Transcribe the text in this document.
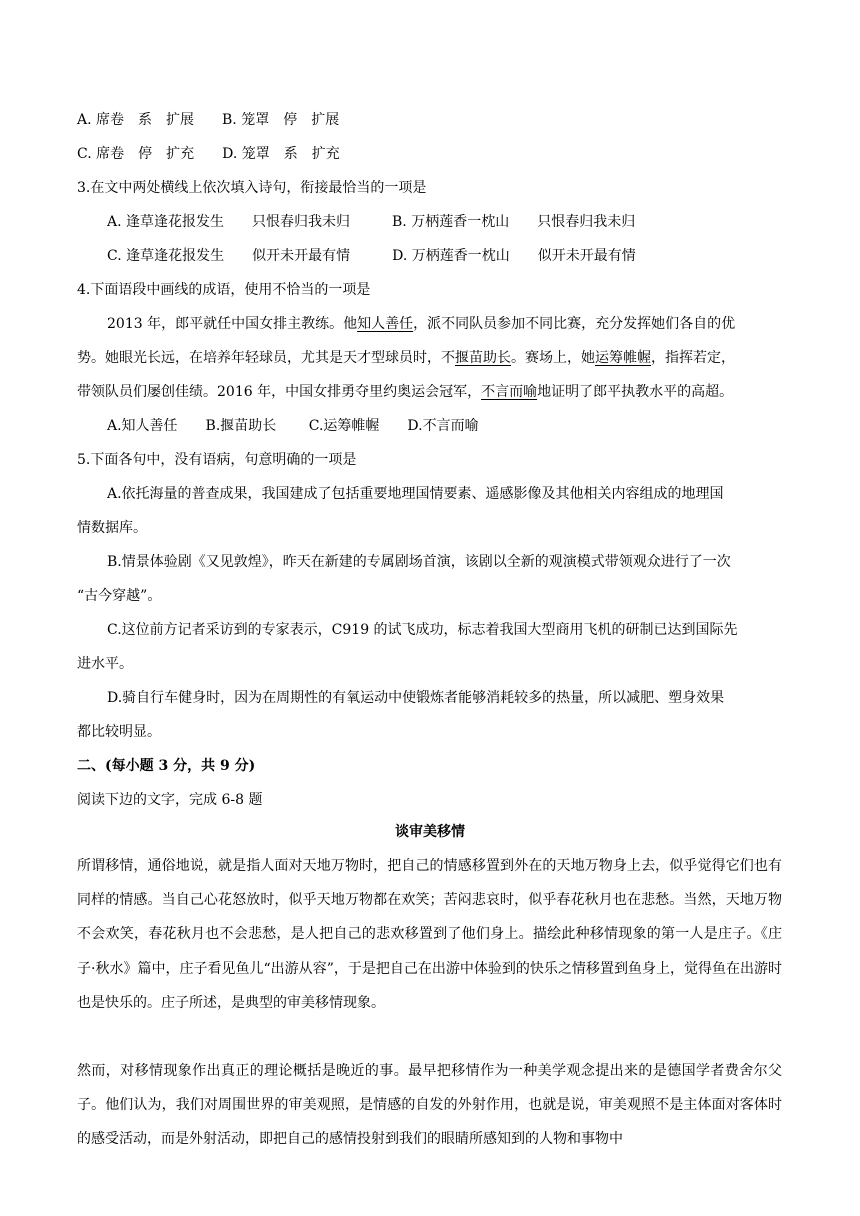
A. 席卷　系　扩展　　B. 笼罩　停　扩展
C. 席卷　停　扩充　　D. 笼罩　系　扩充
3.在文中两处横线上依次填入诗句，衔接最恰当的一项是
A. 逢草逢花报发生　　只恨春归我未归　　　B. 万柄莲香一枕山　　只恨春归我未归
C. 逢草逢花报发生　　似开未开最有情　　　D. 万柄莲香一枕山　　似开未开最有情
4.下面语段中画线的成语，使用不恰当的一项是
2013 年，郎平就任中国女排主教练。他知人善任，派不同队员参加不同比赛，充分发挥她们各自的优
势。她眼光长远，在培养年轻球员，尤其是天才型球员时，不揠苗助长。赛场上，她运筹帷幄，指挥若定，
带领队员们屡创佳绩。2016 年，中国女排勇夺里约奥运会冠军，不言而喻地证明了郎平执教水平的高超。
A.知人善任　　B.揠苗助长　　 C.运筹帷幄　　D.不言而喻
5.下面各句中，没有语病，句意明确的一项是
A.依托海量的普查成果，我国建成了包括重要地理国情要素、遥感影像及其他相关内容组成的地理国
情数据库。
B.情景体验剧《又见敦煌》，昨天在新建的专属剧场首演，该剧以全新的观演模式带领观众进行了一次
“古今穿越”。
C.这位前方记者采访到的专家表示，C919 的试飞成功，标志着我国大型商用飞机的研制已达到国际先
进水平。
D.骑自行车健身时，因为在周期性的有氧运动中使锻炼者能够消耗较多的热量，所以减肥、塑身效果
都比较明显。
二、(每小题 3 分，共 9 分)
阅读下边的文字，完成 6-8 题
谈审美移情
所谓移情，通俗地说，就是指人面对天地万物时，把自己的情感移置到外在的天地万物身上去，似乎觉得它们也有同样的情感。当自己心花怒放时，似乎天地万物都在欢笑；苦闷悲哀时，似乎春花秋月也在悲愁。当然，天地万物不会欢笑，春花秋月也不会悲愁，是人把自己的悲欢移置到了他们身上。描绘此种移情现象的第一人是庄子。《庄子·秋水》篇中，庄子看见鱼儿“出游从容”，于是把自己在出游中体验到的快乐之情移置到鱼身上，觉得鱼在出游时也是快乐的。庄子所述，是典型的审美移情现象。
然而，对移情现象作出真正的理论概括是晚近的事。最早把移情作为一种美学观念提出来的是德国学者费舍尔父子。他们认为，我们对周围世界的审美观照，是情感的自发的外射作用，也就是说，审美观照不是主体面对客体时的感受活动，而是外射活动，即把自己的感情投射到我们的眼睛所感知到的人物和事物中
